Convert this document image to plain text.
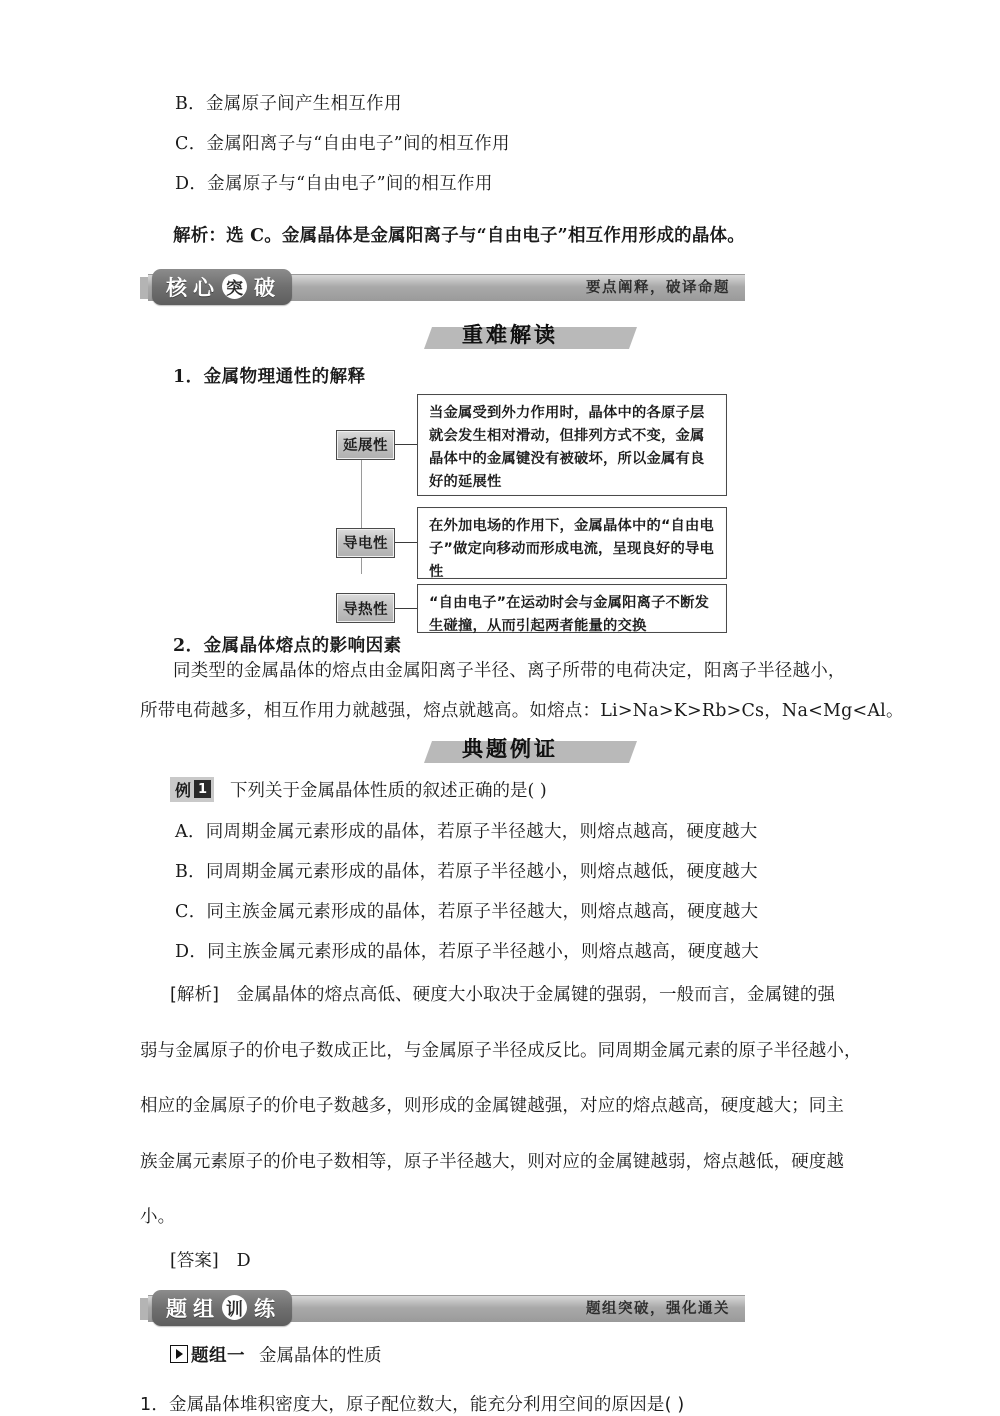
B．金属原子间产生相互作用
C．金属阳离子与“自由电子”间的相互作用
D．金属原子与“自由电子”间的相互作用
解析：选 C。金属晶体是金属阳离子与“自由电子”相互作用形成的晶体。
核 心 突 破	要点阐释，破译命题
重难解读
1．金属物理通性的解释
延展性
当金属受到外力作用时，晶体中的各原子层就会发生相对滑动，但排列方式不变，金属晶体中的金属键没有被破坏，所以金属有良好的延展性
导电性
在外加电场的作用下，金属晶体中的“自由电子”做定向移动而形成电流，呈现良好的导电性
导热性	“自由电子”在运动时会与金属阳离子不断发生碰撞，从而引起两者能量的交换
2．金属晶体熔点的影响因素
同类型的金属晶体的熔点由金属阳离子半径、离子所带的电荷决定，阳离子半径越小，
所带电荷越多，相互作用力就越强，熔点就越高。如熔点：Li>Na>K>Rb>Cs，Na<Mg<Al。
典题例证
例 1 下列关于金属晶体性质的叙述正确的是( )
A．同周期金属元素形成的晶体，若原子半径越大，则熔点越高，硬度越大
B．同周期金属元素形成的晶体，若原子半径越小，则熔点越低，硬度越大
C．同主族金属元素形成的晶体，若原子半径越大，则熔点越高，硬度越大
D．同主族金属元素形成的晶体，若原子半径越小，则熔点越高，硬度越大
[解析]　金属晶体的熔点高低、硬度大小取决于金属键的强弱，一般而言，金属键的强
弱与金属原子的价电子数成正比，与金属原子半径成反比。同周期金属元素的原子半径越小，
相应的金属原子的价电子数越多，则形成的金属键越强，对应的熔点越高，硬度越大；同主
族金属元素原子的价电子数相等，原子半径越大，则对应的金属键越弱，熔点越低，硬度越
小。
[答案] D
题 组 训 练	题组突破，强化通关
题组一 金属晶体的性质
1．金属晶体堆积密度大，原子配位数大，能充分利用空间的原因是( )
